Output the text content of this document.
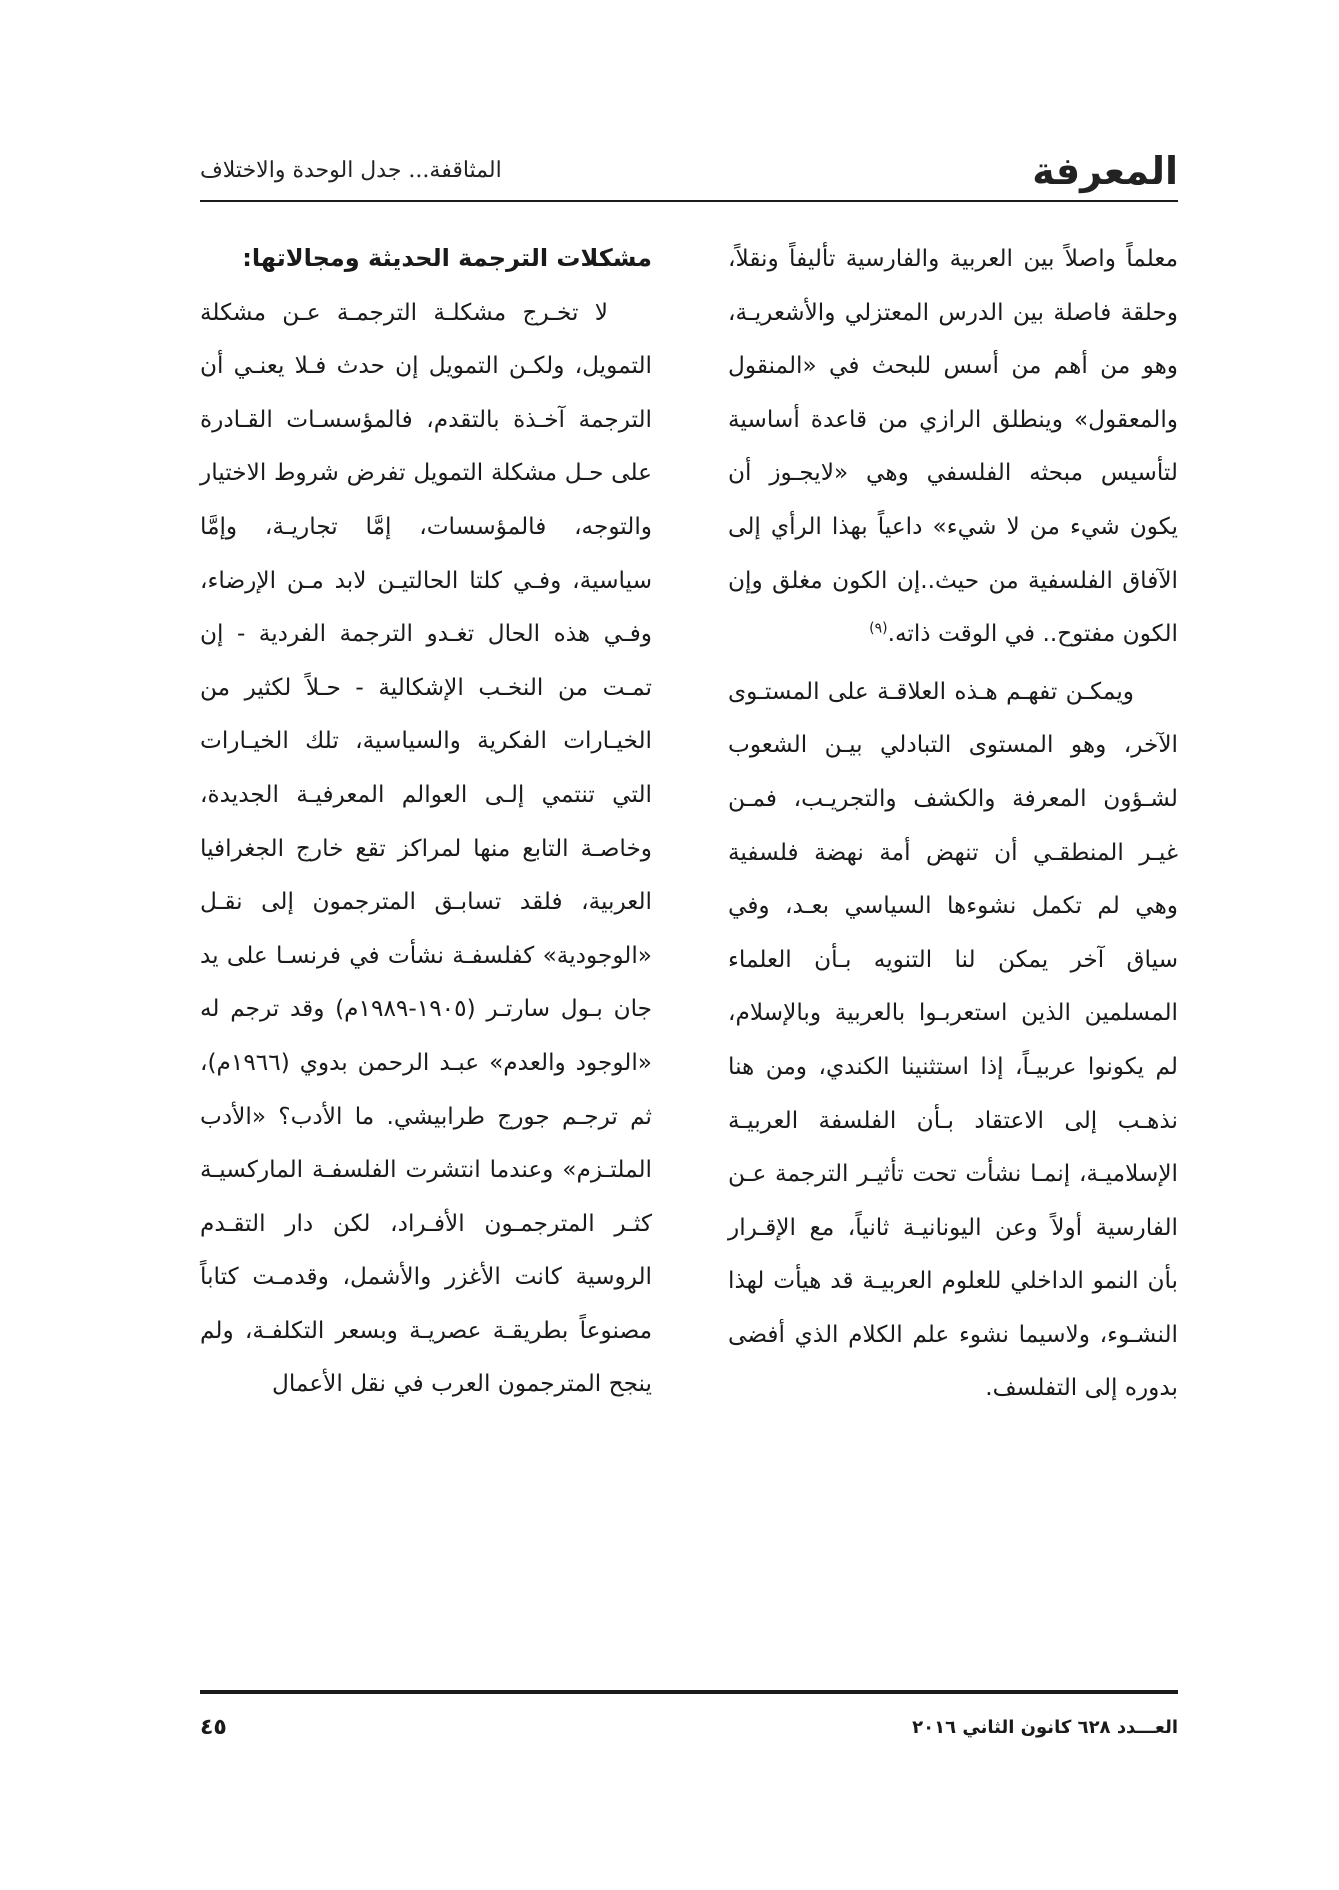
المعرفة
المثاقفة... جدل الوحدة والاختلاف

معلماً واصلاً بين العربية والفارسية تأليفاً ونقلاً، وحلقة فاصلة بين الدرس المعتزلي والأشعريـة، وهو من أهم من أسس للبحث في «المنقول والمعقول» وينطلق الرازي من قاعدة أساسية لتأسيس مبحثه الفلسفي وهي «لايجـوز أن يكون شيء من لا شيء» داعياً بهذا الرأي إلى الآفاق الفلسفية من حيث..إن الكون مغلق وإن الكون مفتوح.. في الوقت ذاته.$^{(٩)}$

ويمكـن تفهـم هـذه العلاقـة على المستـوى الآخر، وهو المستوى التبادلي بيـن الشعوب لشـؤون المعرفة والكشف والتجريـب، فمـن غيـر المنطقـي أن تنهض أمة نهضة فلسفية وهي لم تكمل نشوءها السياسي بعـد، وفي سياق آخر يمكن لنا التنويه بـأن العلماء المسلمين الذين استعربـوا بالعربية وبالإسلام، لم يكونوا عربيـاً، إذا استثنينا الكندي، ومن هنا نذهـب إلى الاعتقاد بـأن الفلسفة العربيـة الإسلاميـة، إنمـا نشأت تحت تأثيـر الترجمة عـن الفارسية أولاً وعن اليونانيـة ثانياً، مع الإقـرار بأن النمو الداخلي للعلوم العربيـة قد هيأت لهذا النشـوء، ولاسيما نشوء علم الكلام الذي أفضى بدوره إلى التفلسف.

مشكلات الترجمة الحديثة ومجالاتها:

لا تخـرج مشكلـة الترجمـة عـن مشكلة التمويل، ولكـن التمويل إن حدث فـلا يعنـي أن الترجمة آخـذة بالتقدم، فالمؤسسـات القـادرة على حـل مشكلة التمويل تفرض شروط الاختيار والتوجه، فالمؤسسات، إمَّا تجاريـة، وإمَّا سياسية، وفـي كلتا الحالتيـن لابد مـن الإرضاء، وفـي هذه الحال تغـدو الترجمة الفردية - إن تمـت من النخـب الإشكالية - حـلاً لكثير من الخيـارات الفكرية والسياسية، تلك الخيـارات التي تنتمي إلـى العوالم المعرفيـة الجديدة، وخاصـة التابع منها لمراكز تقع خارج الجغرافيا العربية، فلقد تسابـق المترجمون إلى نقـل «الوجودية» كفلسفـة نشأت في فرنسـا على يد جان بـول سارتـر (١٩٠٥-١٩٨٩م) وقد ترجم له «الوجود والعدم» عبـد الرحمن بدوي (١٩٦٦م)، ثم ترجـم جورج طرابيشي. ما الأدب؟ «الأدب الملتـزم» وعندما انتشرت الفلسفـة الماركسيـة كثـر المترجمـون الأفـراد، لكن دار التقـدم الروسية كانت الأغزر والأشمل، وقدمـت كتاباً مصنوعاً بطريقـة عصريـة وبسعر التكلفـة، ولم ينجح المترجمون العرب في نقل الأعمال

العـــدد ٦٢٨ كانون الثاني ٢٠١٦
٤٥
